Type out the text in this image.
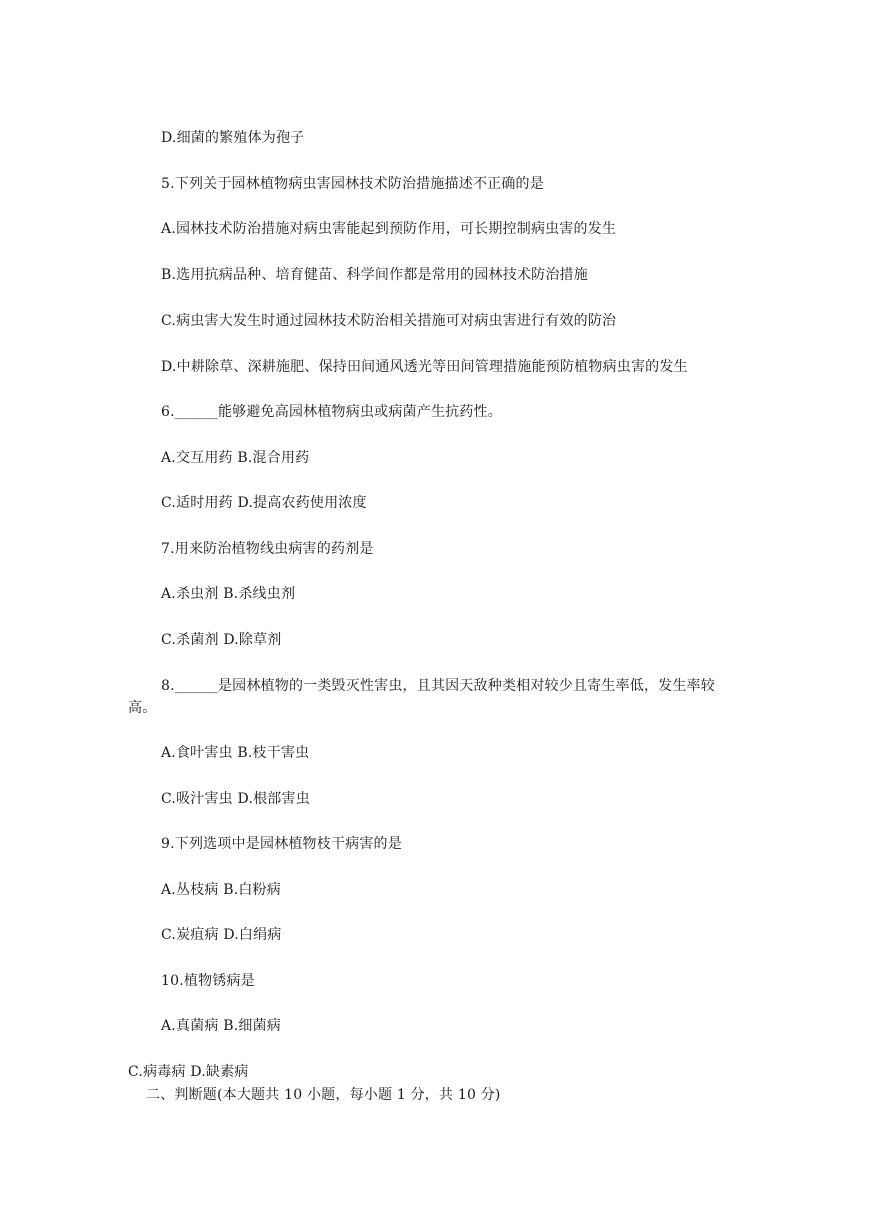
D.细菌的繁殖体为孢子
5.下列关于园林植物病虫害园林技术防治措施描述不正确的是
A.园林技术防治措施对病虫害能起到预防作用，可长期控制病虫害的发生
B.选用抗病品种、培育健苗、科学间作都是常用的园林技术防治措施
C.病虫害大发生时通过园林技术防治相关措施可对病虫害进行有效的防治
D.中耕除草、深耕施肥、保持田间通风透光等田间管理措施能预防植物病虫害的发生
6.______能够避免高园林植物病虫或病菌产生抗药性。
A.交互用药 B.混合用药
C.适时用药 D.提高农药使用浓度
7.用来防治植物线虫病害的药剂是
A.杀虫剂 B.杀线虫剂
C.杀菌剂 D.除草剂
8.______是园林植物的一类毁灭性害虫，且其因天敌种类相对较少且寄生率低，发生率较高。
A.食叶害虫 B.枝干害虫
C.吸汁害虫 D.根部害虫
9.下列选项中是园林植物枝干病害的是
A.丛枝病 B.白粉病
C.炭疽病 D.白绢病
10.植物锈病是
A.真菌病 B.细菌病
C.病毒病 D.缺素病
二、判断题(本大题共 10 小题，每小题 1 分，共 10 分)
